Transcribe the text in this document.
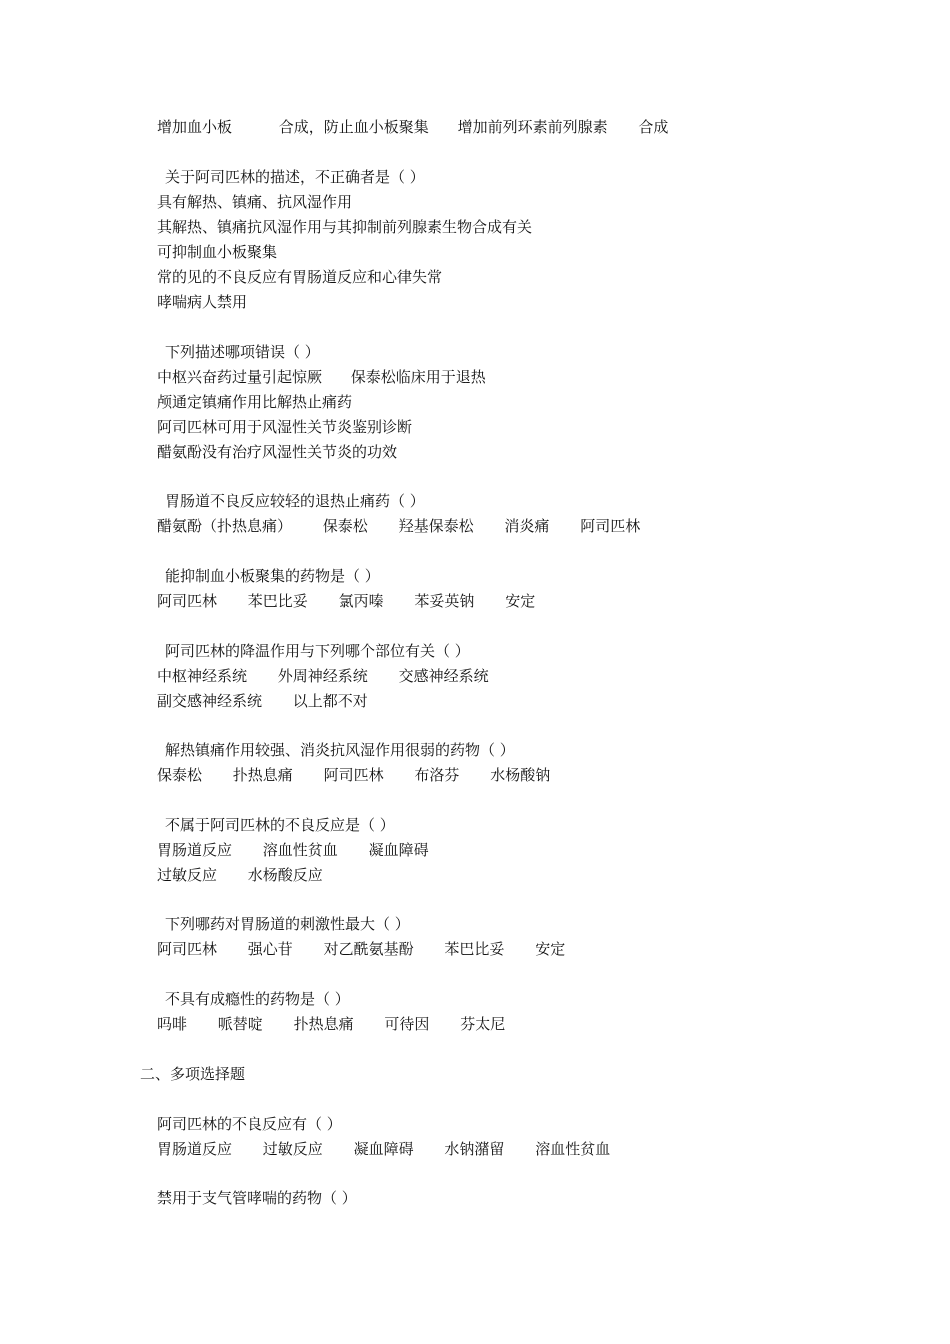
增加血小板	合成，防止血小板聚集 增加前列环素前列腺素 合成
关于阿司匹林的描述，不正确者是（ ）
具有解热、镇痛、抗风湿作用
其解热、镇痛抗风湿作用与其抑制前列腺素生物合成有关
可抑制血小板聚集
常的见的不良反应有胃肠道反应和心律失常
哮喘病人禁用
下列描述哪项错误（ ）
中枢兴奋药过量引起惊厥 保泰松临床用于退热
颅通定镇痛作用比解热止痛药
阿司匹林可用于风湿性关节炎鉴别诊断
醋氨酚没有治疗风湿性关节炎的功效
胃肠道不良反应较轻的退热止痛药（ ）
醋氨酚（扑热息痛） 保泰松 羟基保泰松 消炎痛 阿司匹林
能抑制血小板聚集的药物是（ ）
阿司匹林 苯巴比妥 氯丙嗪 苯妥英钠 安定
阿司匹林的降温作用与下列哪个部位有关（ ）
中枢神经系统 外周神经系统 交感神经系统
副交感神经系统 以上都不对
解热镇痛作用较强、消炎抗风湿作用很弱的药物（ ）
保泰松 扑热息痛 阿司匹林 布洛芬 水杨酸钠
不属于阿司匹林的不良反应是（ ）
胃肠道反应 溶血性贫血 凝血障碍
过敏反应 水杨酸反应
下列哪药对胃肠道的刺激性最大（ ）
阿司匹林 强心苷 对乙酰氨基酚 苯巴比妥 安定
不具有成瘾性的药物是（ ）
吗啡 哌替啶 扑热息痛 可待因 芬太尼
二、多项选择题
阿司匹林的不良反应有（ ）
胃肠道反应 过敏反应 凝血障碍 水钠潴留 溶血性贫血
禁用于支气管哮喘的药物（ ）
